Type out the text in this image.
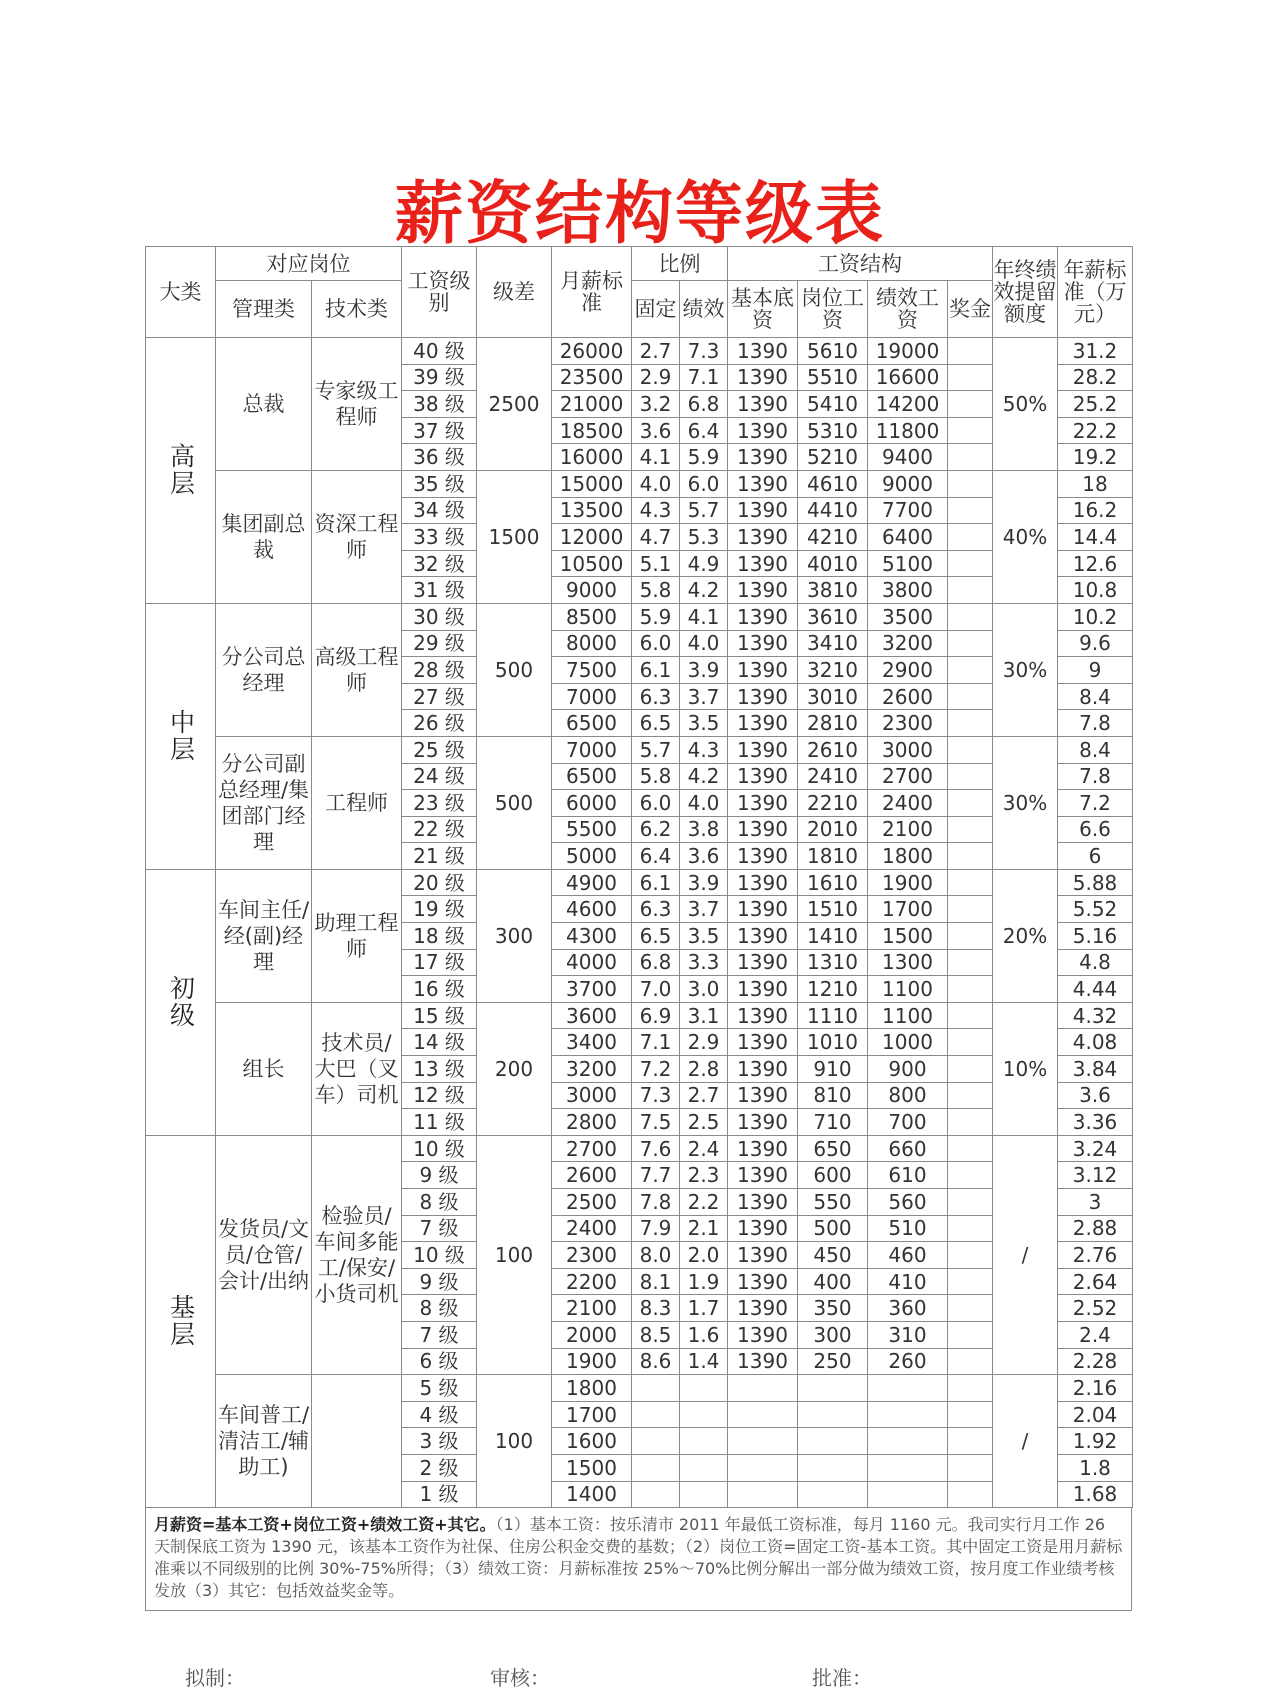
薪资结构等级表
大类	对应岗位		工资级别	级差	月薪标准	比例		工资结构				年终绩效提留额度	年薪标准（万元）
	管理类	技术类				固定	绩效	基本底资	岗位工资	绩效工资	奖金		
高层	总裁	专家级工程师	40 级	2500	26000	2.7	7.3	1390	5610	19000		50%	31.2
			39 级		23500	2.9	7.1	1390	5510	16600			28.2
			38 级		21000	3.2	6.8	1390	5410	14200			25.2
			37 级		18500	3.6	6.4	1390	5310	11800			22.2
			36 级		16000	4.1	5.9	1390	5210	9400			19.2
	集团副总裁	资深工程师	35 级	1500	15000	4.0	6.0	1390	4610	9000		40%	18
			34 级		13500	4.3	5.7	1390	4410	7700			16.2
			33 级		12000	4.7	5.3	1390	4210	6400			14.4
			32 级		10500	5.1	4.9	1390	4010	5100			12.6
			31 级		9000	5.8	4.2	1390	3810	3800			10.8
中层	分公司总经理	高级工程师	30 级	500	8500	5.9	4.1	1390	3610	3500		30%	10.2
			29 级		8000	6.0	4.0	1390	3410	3200			9.6
			28 级		7500	6.1	3.9	1390	3210	2900			9
			27 级		7000	6.3	3.7	1390	3010	2600			8.4
			26 级		6500	6.5	3.5	1390	2810	2300			7.8
	分公司副总经理/集团部门经理	工程师	25 级	500	7000	5.7	4.3	1390	2610	3000		30%	8.4
			24 级		6500	5.8	4.2	1390	2410	2700			7.8
			23 级		6000	6.0	4.0	1390	2210	2400			7.2
			22 级		5500	6.2	3.8	1390	2010	2100			6.6
			21 级		5000	6.4	3.6	1390	1810	1800			6
初级	车间主任/经(副)经理	助理工程师	20 级	300	4900	6.1	3.9	1390	1610	1900		20%	5.88
			19 级		4600	6.3	3.7	1390	1510	1700			5.52
			18 级		4300	6.5	3.5	1390	1410	1500			5.16
			17 级		4000	6.8	3.3	1390	1310	1300			4.8
			16 级		3700	7.0	3.0	1390	1210	1100			4.44
	组长	技术员/大巴（叉车）司机	15 级	200	3600	6.9	3.1	1390	1110	1100		10%	4.32
			14 级		3400	7.1	2.9	1390	1010	1000			4.08
			13 级		3200	7.2	2.8	1390	910	900			3.84
			12 级		3000	7.3	2.7	1390	810	800			3.6
			11 级		2800	7.5	2.5	1390	710	700			3.36
基层	发货员/文员/仓管/会计/出纳	检验员/车间多能工/保安/小货司机	10 级	100	2700	7.6	2.4	1390	650	660		/	3.24
			9 级		2600	7.7	2.3	1390	600	610			3.12
			8 级		2500	7.8	2.2	1390	550	560			3
			7 级		2400	7.9	2.1	1390	500	510			2.88
			10 级		2300	8.0	2.0	1390	450	460			2.76
			9 级		2200	8.1	1.9	1390	400	410			2.64
			8 级		2100	8.3	1.7	1390	350	360			2.52
			7 级		2000	8.5	1.6	1390	300	310			2.4
			6 级		1900	8.6	1.4	1390	250	260			2.28
	车间普工/清洁工/辅助工)		5 级	100	1800							/	2.16
			4 级		1700								2.04
			3 级		1600								1.92
			2 级		1500								1.8
			1 级		1400								1.68
月薪资=基本工资+岗位工资+绩效工资+其它。（1）基本工资：按乐清市 2011 年最低工资标准，每月 1160 元。我司实行月工作 26 天制保底工资为 1390 元，该基本工资作为社保、住房公积金交费的基数；（2）岗位工资=固定工资-基本工资。其中固定工资是用月薪标准乘以不同级别的比例 30%-75%所得；（3）绩效工资：月薪标准按 25%～70%比例分解出一部分做为绩效工资，按月度工作业绩考核发放（3）其它：包括效益奖金等。
拟制：	审核：	批准：
